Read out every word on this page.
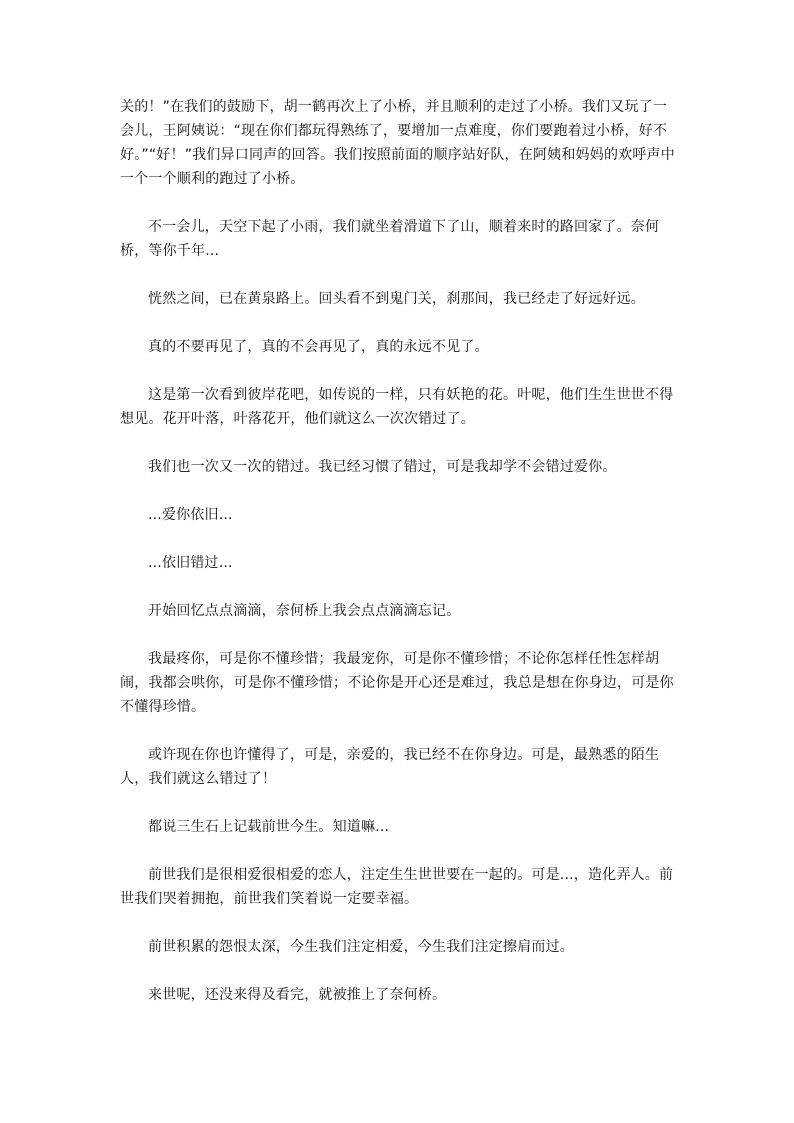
关的！”在我们的鼓励下，胡一鹤再次上了小桥，并且顺利的走过了小桥。我们又玩了一会儿，王阿姨说：“现在你们都玩得熟练了，要增加一点难度，你们要跑着过小桥，好不好。”“好！”我们异口同声的回答。我们按照前面的顺序站好队，在阿姨和妈妈的欢呼声中一个一个顺利的跑过了小桥。

不一会儿，天空下起了小雨，我们就坐着滑道下了山，顺着来时的路回家了。奈何桥，等你千年...

恍然之间，已在黄泉路上。回头看不到鬼门关，刹那间，我已经走了好远好远。

真的不要再见了，真的不会再见了，真的永远不见了。

这是第一次看到彼岸花吧，如传说的一样，只有妖艳的花。叶呢，他们生生世世不得想见。花开叶落，叶落花开，他们就这么一次次错过了。

我们也一次又一次的错过。我已经习惯了错过，可是我却学不会错过爱你。

...爱你依旧...

...依旧错过...

开始回忆点点滴滴，奈何桥上我会点点滴滴忘记。

我最疼你，可是你不懂珍惜；我最宠你，可是你不懂珍惜；不论你怎样任性怎样胡闹，我都会哄你，可是你不懂珍惜；不论你是开心还是难过，我总是想在你身边，可是你不懂得珍惜。

或许现在你也许懂得了，可是，亲爱的，我已经不在你身边。可是，最熟悉的陌生人，我们就这么错过了！

都说三生石上记载前世今生。知道嘛...

前世我们是很相爱很相爱的恋人，注定生生世世要在一起的。可是...，造化弄人。前世我们哭着拥抱，前世我们笑着说一定要幸福。

前世积累的怨恨太深，今生我们注定相爱，今生我们注定擦肩而过。

来世呢，还没来得及看完，就被推上了奈何桥。
